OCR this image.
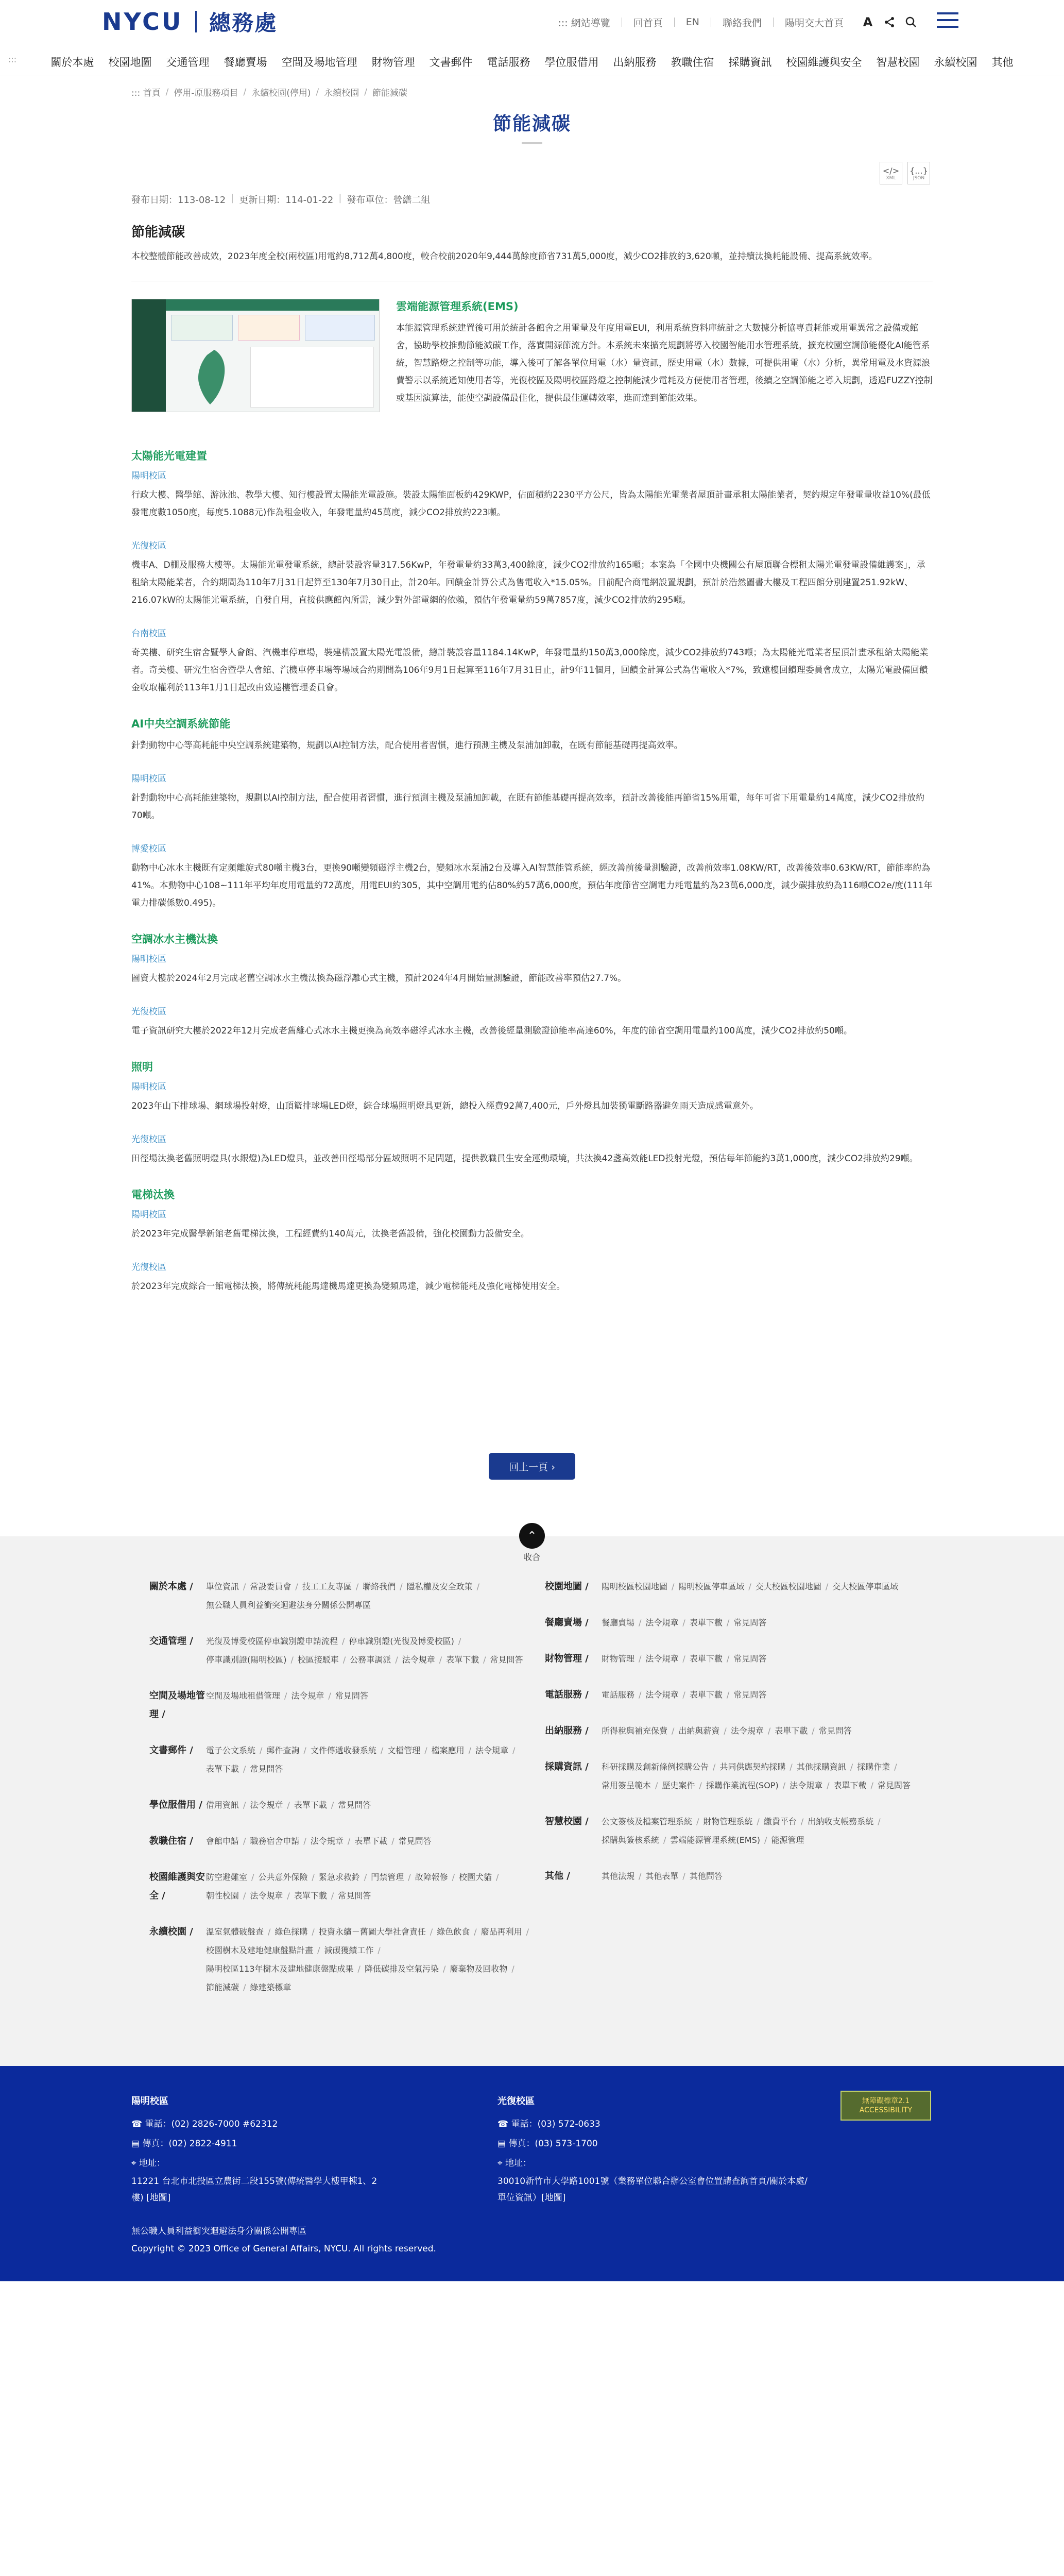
NYCU 總務處	::: 網站導覽 回首頁 EN 聯絡我們 陽明交大首頁	A
:::	關於本處 校園地圖 交通管理 餐廳賣場 空間及場地管理 財物管理 文書郵件 電話服務 學位服借用 出納服務 教職住宿 採購資訊 校園維護與安全 智慧校園 永續校園 其他
::: 首頁 / 停用-原服務項目 / 永續校園(停用) / 永續校園 / 節能減碳
節能減碳
</>
XML
{...}
JSON
發布日期：113-08-12 | 更新日期：114-01-22 | 發布單位：營繕二組
節能減碳
本校整體節能改善成效，2023年度全校(兩校區)用電約8,712萬4,800度，較合校前2020年9,444萬餘度節省731萬5,000度，減少CO2排放約3,620噸，並持續汰換耗能設備、提高系統效率。
雲端能源管理系統(EMS)
本能源管理系統建置後可用於統計各館舍之用電量及年度用電EUI，利用系統資料庫統計之大數據分析協專責耗能或用電異常之設備或館舍，協助學校推動節能減碳工作，落實開源節流方針。本系統未來擴充規劃將導入校園智能用水管理系統，擴充校園空調節能優化AI能管系統，智慧路燈之控制等功能，導入後可了解各單位用電（水）量資訊，歷史用電（水）數據，可提供用電（水）分析，異常用電及水資源浪費警示以系統通知使用者等，光復校區及陽明校區路燈之控制能減少電耗及方便使用者管理，後續之空調節能之導入規劃，透過FUZZY控制或基因演算法，能使空調設備最佳化，提供最佳運轉效率，進而達到節能效果。
太陽能光電建置
陽明校區
行政大樓、醫學館、游泳池、教學大樓、知行樓設置太陽能光電設施。裝設太陽能面板約429KWP，佔面積約2230平方公尺，皆為太陽能光電業者屋頂計畫承租太陽能業者，契約規定年發電量收益10%(最低發電度數1050度，每度5.1088元)作為租金收入，年發電量約45萬度，減少CO2排放約223噸。
光復校區
機車A、D棚及服務大樓等。太陽能光電發電系統，總計裝設容量317.56KwP，年發電量約33萬3,400餘度，減少CO2排放約165噸；本案為「全國中央機關公有屋頂聯合標租太陽光電發電設備維護案」，承租給太陽能業者，合約期間為110年7月31日起算至130年7月30日止，計20年。回饋金計算公式為售電收入*15.05%。目前配合商電網設置規劃，預計於浩然圖書大樓及工程四館分別建置251.92kW、216.07kW的太陽能光電系統，自發自用，直接供應館內所需，減少對外部電網的依賴，預估年發電量約59萬7857度，減少CO2排放約295噸。
台南校區
奇美樓、研究生宿舍暨學人會館、汽機車停車場，裝建構設置太陽光電設備，總計裝設容量1184.14KwP，年發電量約150萬3,000餘度，減少CO2排放約743噸；為太陽能光電業者屋頂計畫承租給太陽能業者。奇美樓、研究生宿舍暨學人會館、汽機車停車場等場域合約期間為106年9月1日起算至116年7月31日止，計9年11個月，回饋金計算公式為售電收入*7%，致遠樓回饋理委員會成立，太陽光電設備回饋金收取權利於113年1月1日起改由致遠樓管理委員會。
AI中央空調系統節能
針對動物中心等高耗能中央空調系統建築物，規劃以AI控制方法，配合使用者習慣，進行預測主機及泵浦加卸載，在既有節能基礎再提高效率。
陽明校區
針對動物中心高耗能建築物，規劃以AI控制方法，配合使用者習慣，進行預測主機及泵浦加卸載，在既有節能基礎再提高效率，預計改善後能再節省15%用電，每年可省下用電量約14萬度，減少CO2排放約70噸。
博愛校區
動物中心冰水主機既有定頻離旋式80噸主機3台，更換90噸變頻磁浮主機2台，變頻冰水泵浦2台及導入AI智慧能管系統，經改善前後量測驗證，改善前效率1.08KW/RT，改善後效率0.63KW/RT，節能率約為41%。本動物中心108~111年平均年度用電量約72萬度，用電EUI約305，其中空調用電約佔80%約57萬6,000度，預估年度節省空調電力耗電量約為23萬6,000度，減少碳排放約為116噸CO2e/度(111年電力排碳係數0.495)。
空調冰水主機汰換
陽明校區
圖資大樓於2024年2月完成老舊空調冰水主機汰換為磁浮離心式主機，預計2024年4月開始量測驗證，節能改善率預估27.7%。
光復校區
電子資訊研究大樓於2022年12月完成老舊離心式冰水主機更換為高效率磁浮式冰水主機，改善後經量測驗證節能率高達60%，年度的節省空調用電量約100萬度，減少CO2排放約50噸。
照明
陽明校區
2023年山下排球場、網球場投射燈，山頂籃排球場LED燈，綜合球場照明燈具更新，總投入經費92萬7,400元，戶外燈具加裝獨電斷路器避免雨天造成感電意外。
光復校區
田徑場汰換老舊照明燈具(水銀燈)為LED燈具，並改善田徑場部分區域照明不足問題，提供教職員生安全運動環境，共汰換42盞高效能LED投射光燈，預估每年節能約3萬1,000度，減少CO2排放約29噸。
電梯汰換
陽明校區
於2023年完成醫學新館老舊電梯汰換，工程經費約140萬元，汰換老舊設備，強化校園動力設備安全。
光復校區
於2023年完成綜合一館電梯汰換，將傳統耗能馬達機馬達更換為變頻馬達，減少電梯能耗及強化電梯使用安全。
回上一頁 ›
關於本處 /	單位資訊 / 常設委員會 / 技工工友專區 / 聯絡我們 / 隱私權及安全政策 /無公職人員利益衝突迴避法身分關係公開專區
交通管理 /	光復及博愛校區停車識別證申請流程 / 停車識別證(光復及博愛校區) /停車識別證(陽明校區) / 校區接駁車 / 公務車調派 / 法令規章 / 表單下載 / 常見問答
空間及場地管理 /
空間及場地租借管理 / 法令規章 / 常見問答
文書郵件 /	電子公文系統 / 郵件查詢 / 文件傳遞收發系統 / 文檔管理 / 檔案應用 / 法令規章 /表單下載 / 常見問答
學位服借用 / 借用資訊 / 法令規章 / 表單下載 / 常見問答
教職住宿 /	會館申請 / 職務宿舍申請 / 法令規章 / 表單下載 / 常見問答
校園維護與安全 /
防空避難室 / 公共意外保險 / 緊急求救鈴 / 門禁管理 / 故障報修 / 校園犬貓 /朝性校園 / 法令規章 / 表單下載 / 常見問答
永續校園 /	溫室氣體破盤查 / 綠色採購 / 投資永續－舊圖大學社會責任 / 綠色飲食 / 廢品再利用 /校園樹木及建地健康盤點計畫 / 減碳獲績工作 /陽明校區113年樹木及建地健康盤點成果 / 降低碳排及空氣污染 / 廢棄物及回收物 /節能減碳 / 綠建築標章
校園地圖 /	陽明校區校園地圖 / 陽明校區停車區域 / 交大校區校園地圖 / 交大校區停車區域
餐廳賣場 /	餐廳賣場 / 法令規章 / 表單下載 / 常見問答
財物管理 /	財物管理 / 法令規章 / 表單下載 / 常見問答
電話服務 /	電話服務 / 法令規章 / 表單下載 / 常見問答
出納服務 /	所得稅與補充保費 / 出納與薪資 / 法令規章 / 表單下載 / 常見問答
採購資訊 /	科研採購及創新條例採購公告 / 共同供應契約採購 / 其他採購資訊 / 採購作業 /常用簽呈範本 / 歷史案件 / 採購作業流程(SOP) / 法令規章 / 表單下載 / 常見問答
智慧校園 /	公文簽核及檔案管理系統 / 財物管理系統 / 繳費平台 / 出納收支帳務系統 /採購與簽核系統 / 雲端能源管理系統(EMS) / 能源管理
其他 /	其他法規 / 其他表單 / 其他問答
⌃
收合
陽明校區
☎ 電話：(02) 2826-7000 #62312
▤ 傳真：(02) 2822-4911
⌖ 地址：
11221 台北市北投區立農街二段155號(傳統醫學大樓甲棟1、2樓) [地圖]
光復校區
☎ 電話：(03) 572-0633
▤ 傳真：(03) 573-1700
⌖ 地址：
30010新竹市大學路1001號（業務單位聯合辦公室會位置請查詢首頁/關於本處/單位資訊）[地圖]
無障礙標章2.1
ACCESSIBILITY
無公職人員利益衝突迴避法身分關係公開專區
Copyright © 2023 Office of General Affairs, NYCU. All rights reserved.
